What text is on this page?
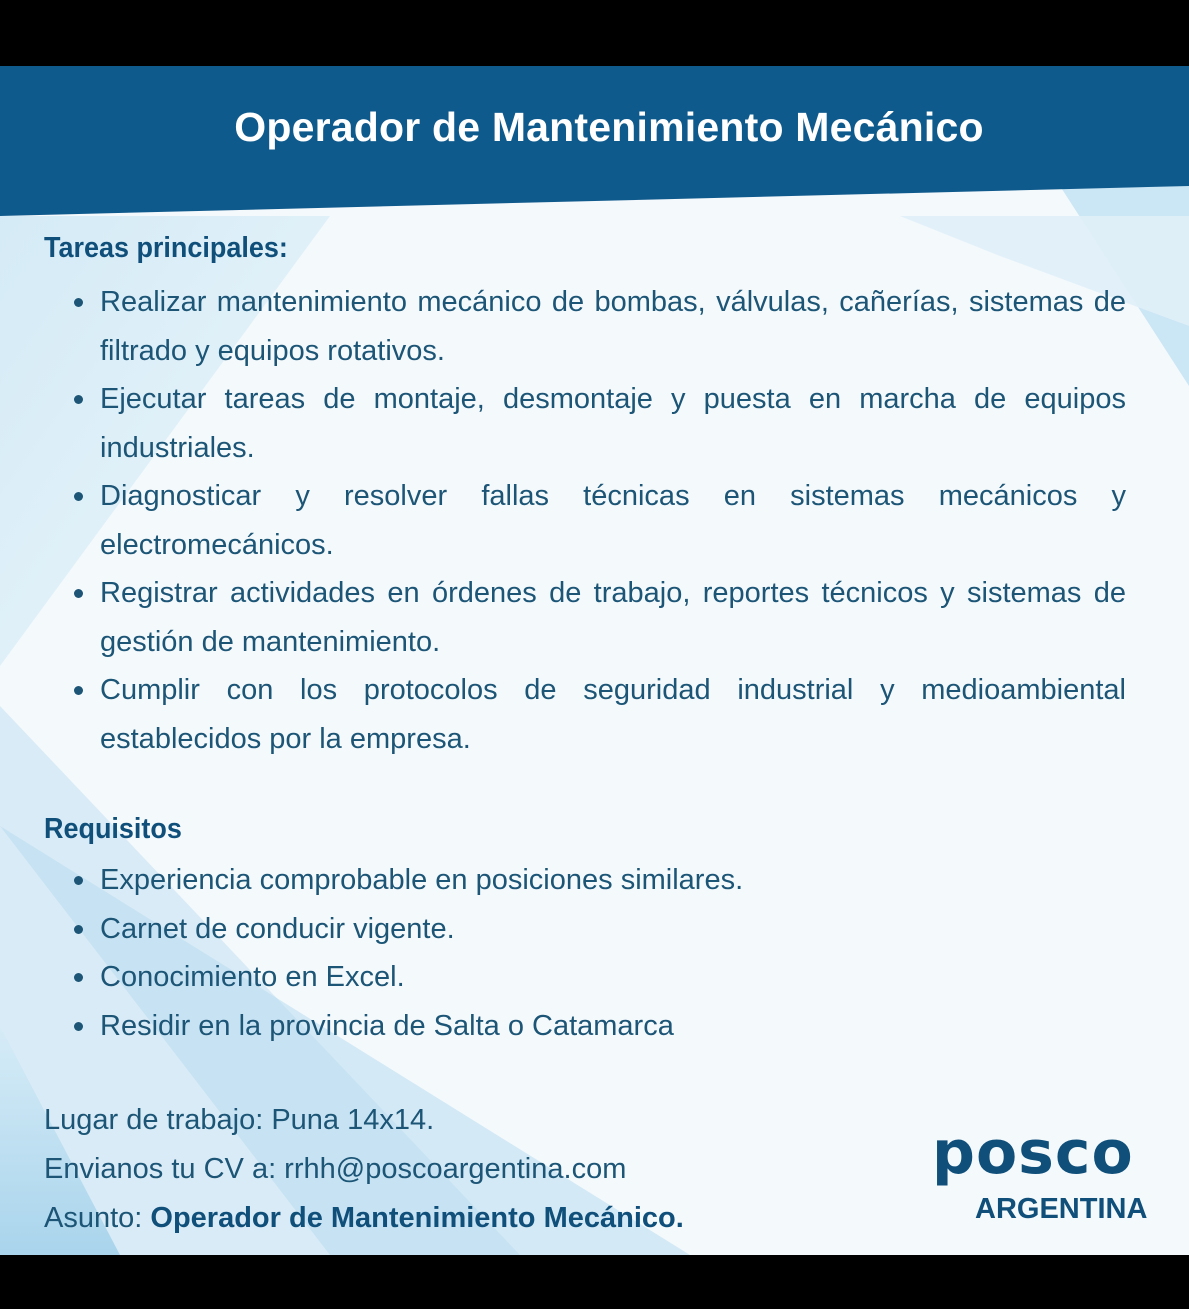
Operador de Mantenimiento Mecánico
Tareas principales:
Realizar mantenimiento mecánico de bombas, válvulas, cañerías, sistemas de filtrado y equipos rotativos.
Ejecutar tareas de montaje, desmontaje y puesta en marcha de equipos industriales.
Diagnosticar y resolver fallas técnicas en sistemas mecánicos y electromecánicos.
Registrar actividades en órdenes de trabajo, reportes técnicos y sistemas de gestión de mantenimiento.
Cumplir con los protocolos de seguridad industrial y medioambiental establecidos por la empresa.
Requisitos
Experiencia comprobable en posiciones similares.
Carnet de conducir vigente.
Conocimiento en Excel.
Residir en la provincia de Salta o Catamarca
Lugar de trabajo: Puna 14x14.
Envianos tu CV a: rrhh@poscoargentina.com
Asunto: Operador de Mantenimiento Mecánico.
posco
ARGENTINA
